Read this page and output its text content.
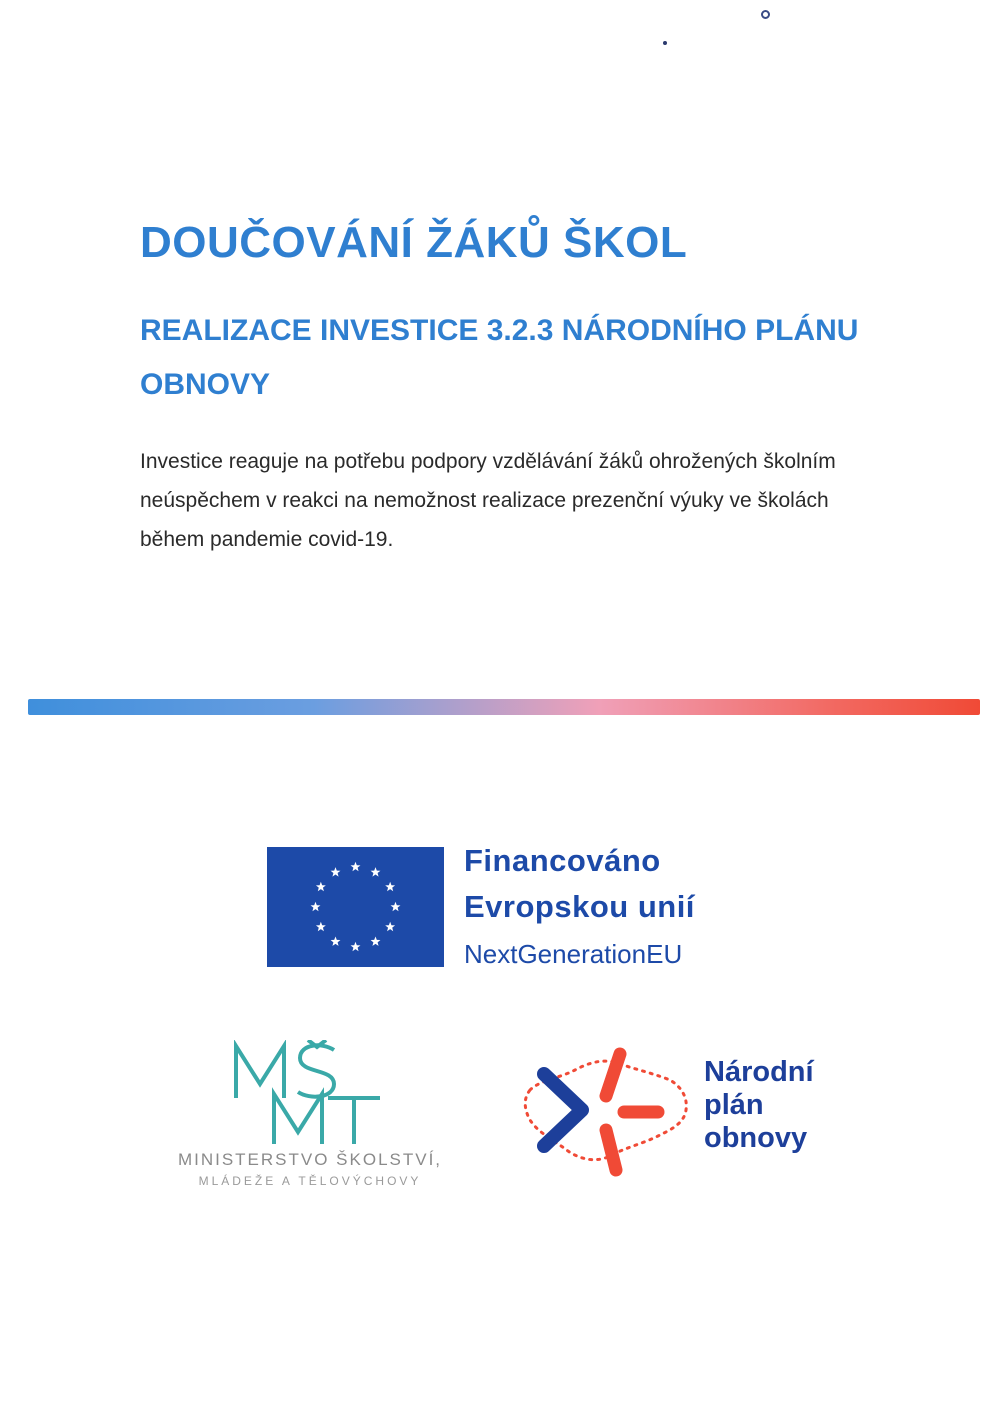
DOUČOVÁNÍ ŽÁKŮ ŠKOL
REALIZACE INVESTICE 3.2.3 NÁRODNÍHO PLÁNU OBNOVY

Investice reaguje na potřebu podpory vzdělávání žáků ohrožených školním neúspěchem v reakci na nemožnost realizace prezenční výuky ve školách během pandemie covid-19.

Financováno
Evropskou unií
NextGenerationEU
MINISTERSTVO ŠKOLSTVÍ,
MLÁDEŽE A TĚLOVÝCHOVY
Národní
plán
obnovy
